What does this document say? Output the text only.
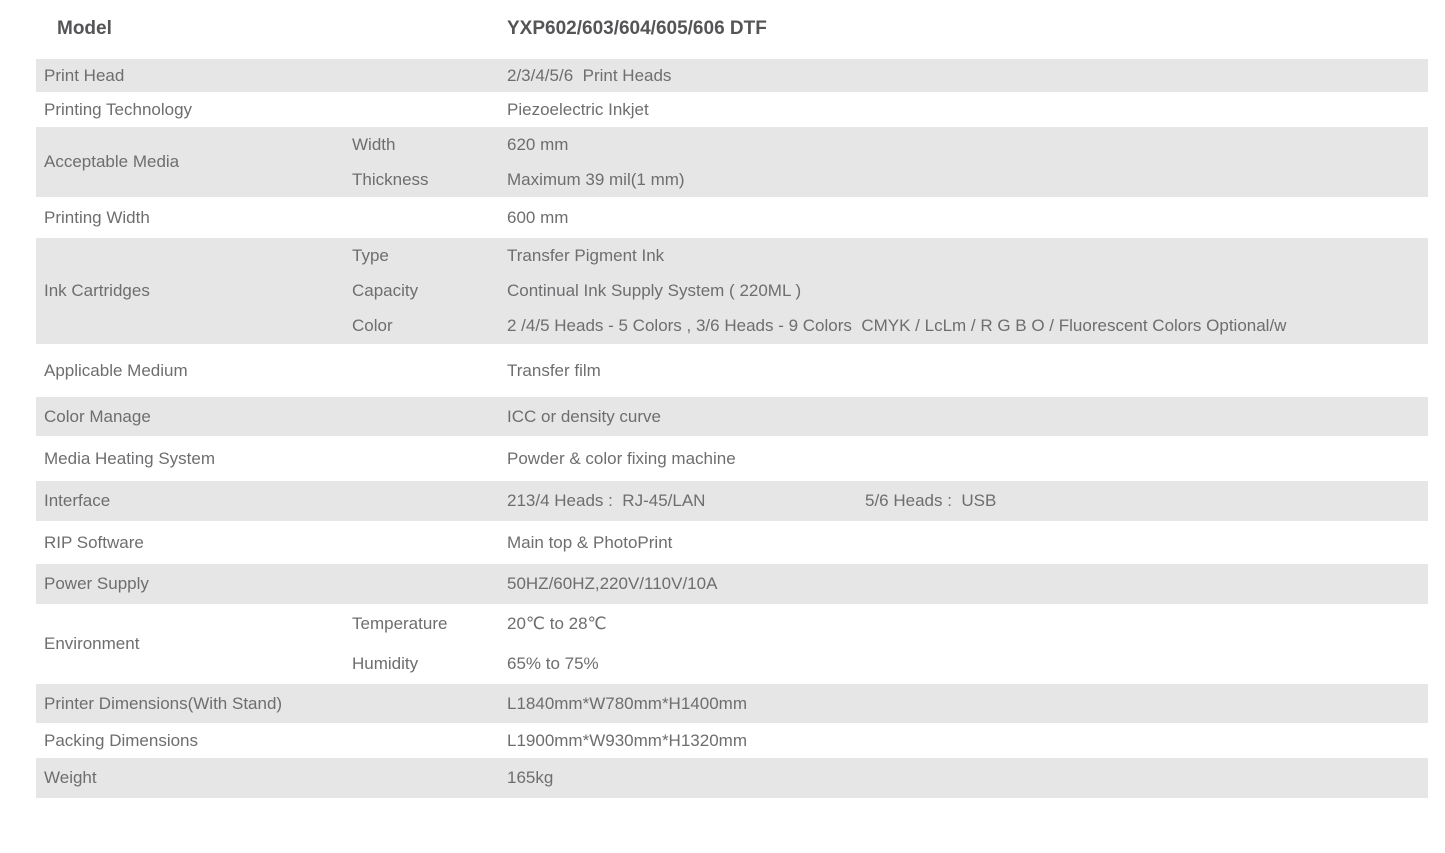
Model	YXP602/603/604/605/606 DTF
Print Head	2/3/4/5/6  Print Heads
Printing Technology	Piezoelectric Inkjet
Acceptable Media
Width	620 mm
Thickness	Maximum 39 mil(1 mm)
Printing Width	600 mm
Ink Cartridges
Type	Transfer Pigment Ink
Capacity	Continual Ink Supply System ( 220ML )
Color	2 /4/5 Heads - 5 Colors , 3/6 Heads - 9 Colors  CMYK / LcLm / R G B O / Fluorescent Colors Optional/w
Applicable Medium	Transfer film
Color Manage	ICC or density curve
Media Heating System	Powder & color fixing machine
Interface	213/4 Heads :  RJ-45/LAN	5/6 Heads :  USB
RIP Software	Main top & PhotoPrint
Power Supply	50HZ/60HZ,220V/110V/10A
Environment
Temperature	20℃ to 28℃
Humidity	65% to 75%
Printer Dimensions(With Stand)	L1840mm*W780mm*H1400mm
Packing Dimensions	L1900mm*W930mm*H1320mm
Weight	165kg
